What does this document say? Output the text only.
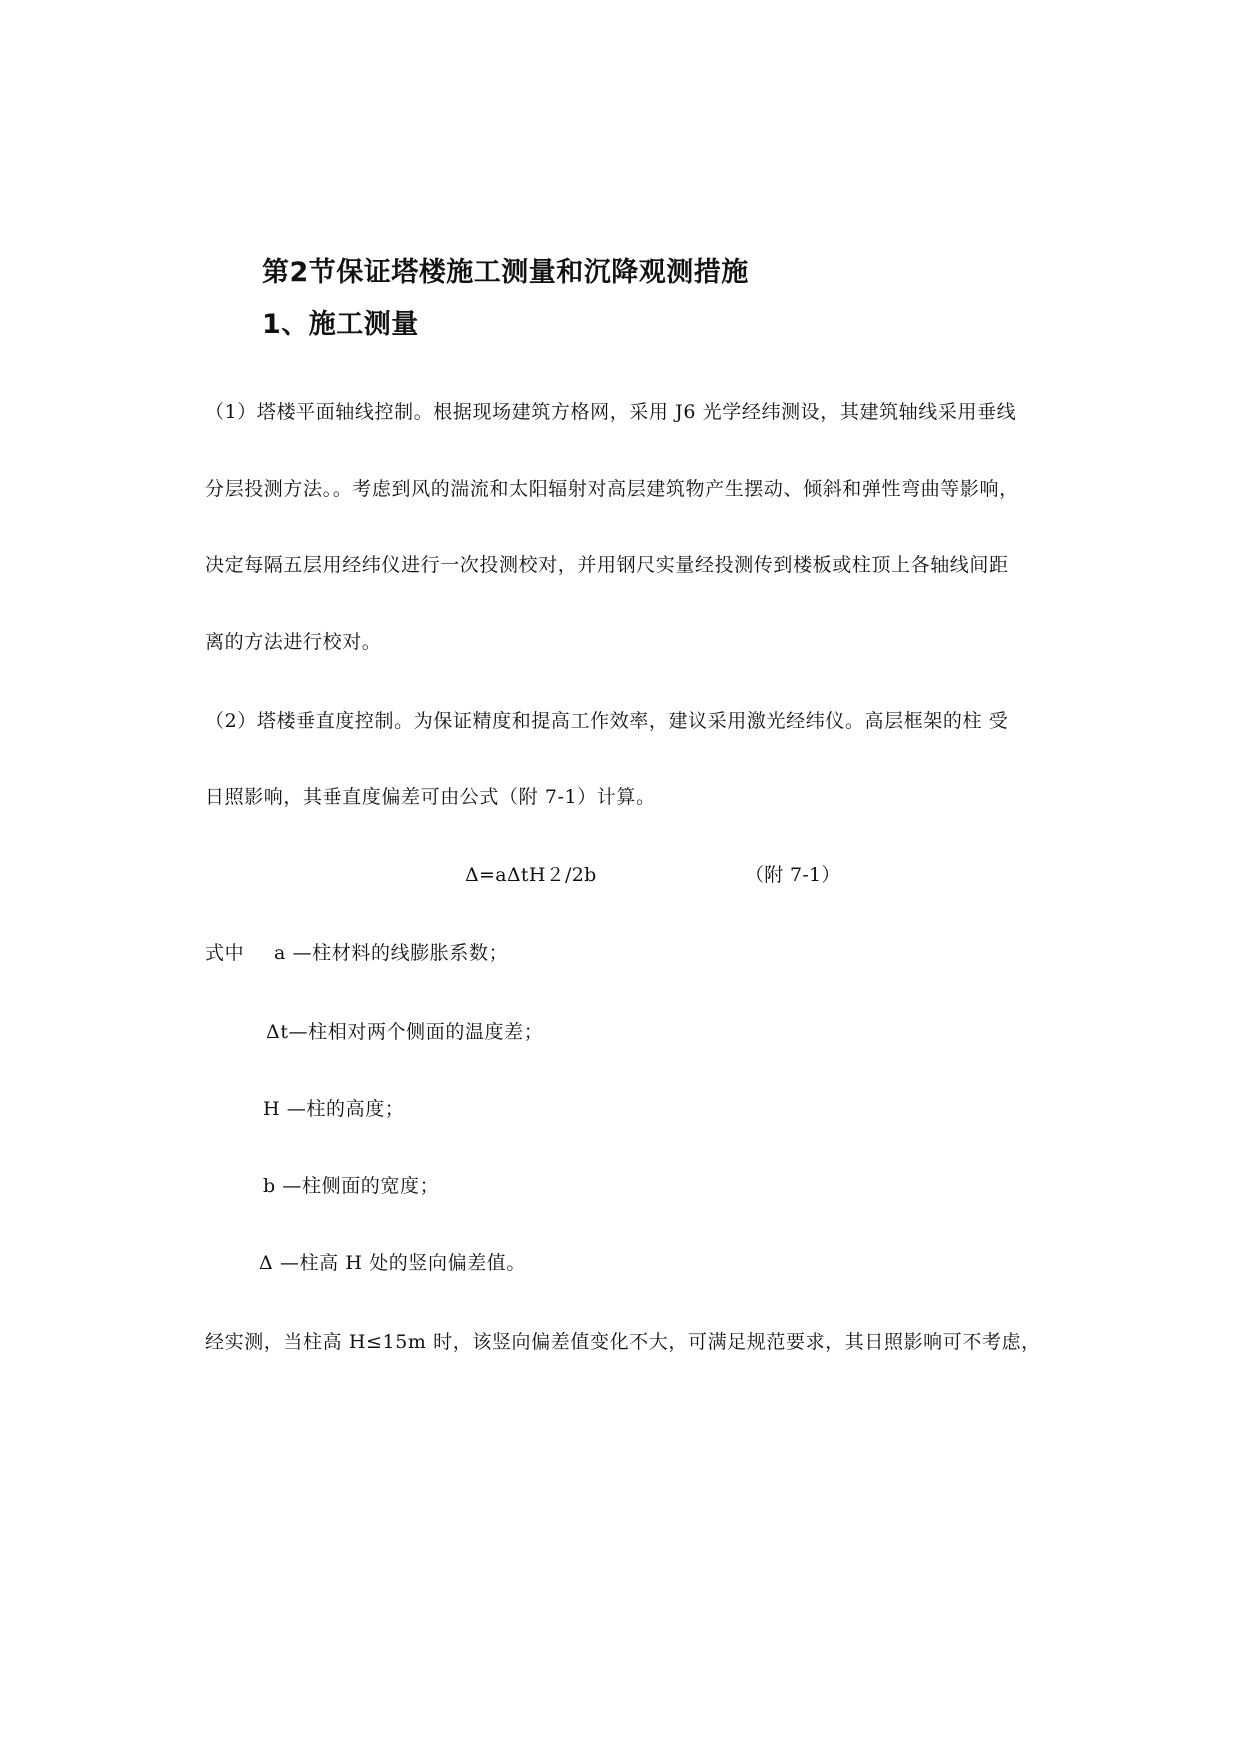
第2节保证塔楼施工测量和沉降观测措施
1、施工测量
（1）塔楼平面轴线控制。根据现场建筑方格网，采用 J6 光学经纬测设，其建筑轴线采用垂线
分层投测方法。。考虑到风的湍流和太阳辐射对高层建筑物产生摆动、倾斜和弹性弯曲等影响，
决定每隔五层用经纬仪进行一次投测校对，并用钢尺实量经投测传到楼板或柱顶上各轴线间距
离的方法进行校对。
（2）塔楼垂直度控制。为保证精度和提高工作效率，建议采用激光经纬仪。高层框架的柱 受
日照影响，其垂直度偏差可由公式（附 7-1）计算。
Δ=aΔtH２/2b	（附 7-1）
式中 a —柱材料的线膨胀系数；
Δt—柱相对两个侧面的温度差；
H —柱的高度；
b —柱侧面的宽度；
Δ —柱高 H 处的竖向偏差值。
经实测，当柱高 H≤15m 时，该竖向偏差值变化不大，可满足规范要求，其日照影响可不考虑，
